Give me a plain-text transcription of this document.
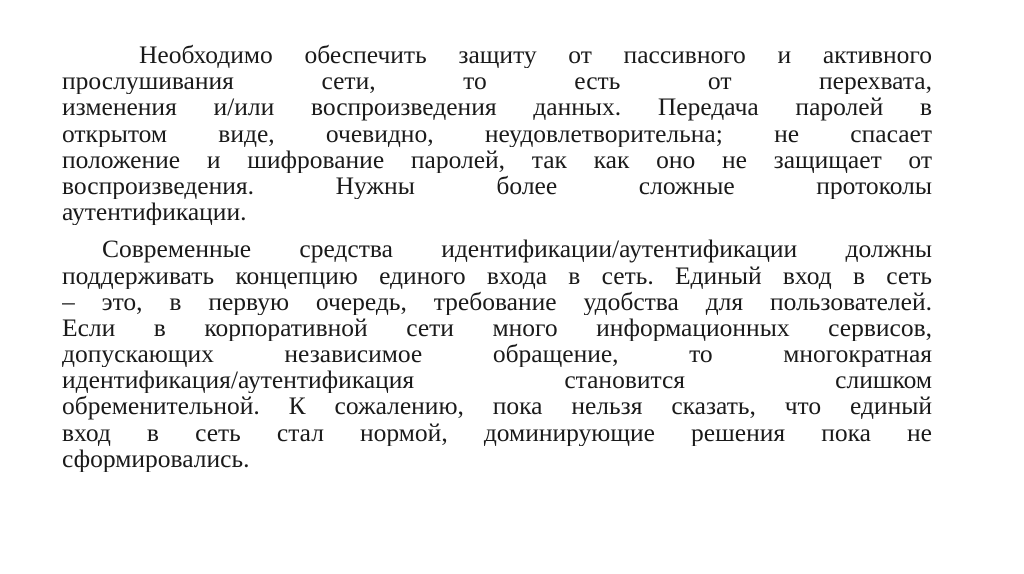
Необходимо обеспечить защиту от пассивного и активного
прослушивания сети, то есть от перехвата,
изменения и/или воспроизведения данных. Передача паролей в
открытом виде, очевидно, неудовлетворительна; не спасает
положение и шифрование паролей, так как оно не защищает от
воспроизведения. Нужны более сложные протоколы
аутентификации.
Современные средства идентификации/аутентификации должны
поддерживать концепцию единого входа в сеть. Единый вход в сеть
– это, в первую очередь, требование удобства для пользователей.
Если в корпоративной сети много информационных сервисов,
допускающих независимое обращение, то многократная
идентификация/аутентификация становится слишком
обременительной. К сожалению, пока нельзя сказать, что единый
вход в сеть стал нормой, доминирующие решения пока не
сформировались.
